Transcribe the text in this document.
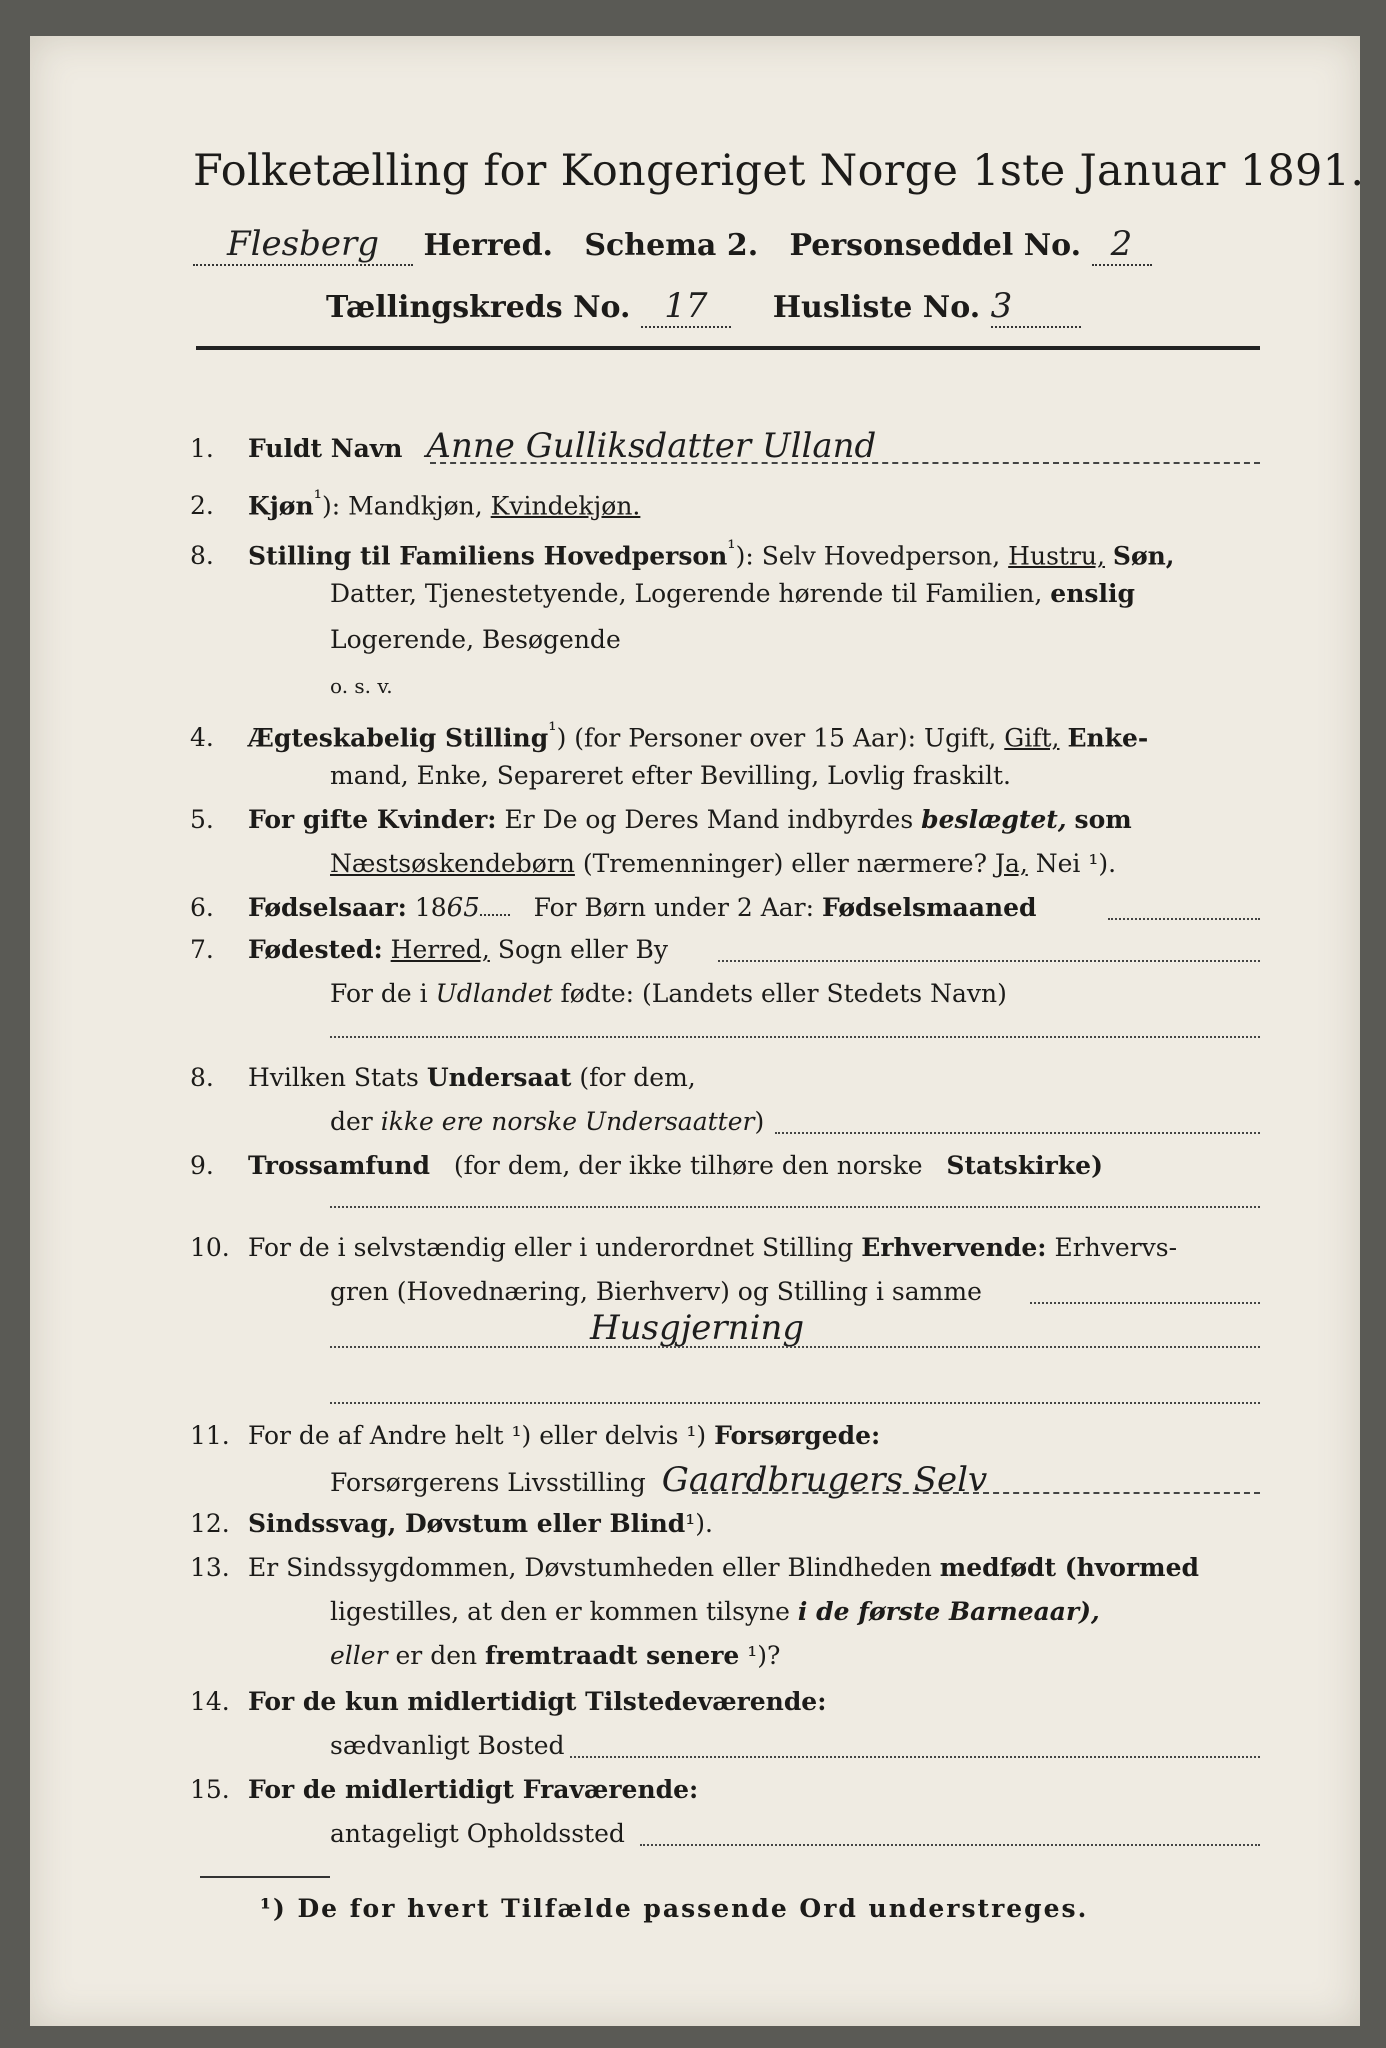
Folketælling for Kongeriget Norge 1ste Januar 1891.
Flesberg Herred. Schema 2. Personseddel No. 2
Tællingskreds No. 17 Husliste No. 3
1. Fuldt Navn Anne Gulliksdatter Ulland
2. Kjøn$^{^1}$): Mandkjøn, Kvindekjøn.
8. Stilling til Familiens Hovedperson$^{^1}$): Selv Hovedperson, Hustru, Søn,
Datter, Tjenestetyende, Logerende hørende til Familien, enslig
Logerende, Besøgende
o. s. v.
4. Ægteskabelig Stilling$^{^1}$) (for Personer over 15 Aar): Ugift, Gift, Enke-
mand, Enke, Separeret efter Bevilling, Lovlig fraskilt.
5. For gifte Kvinder: Er De og Deres Mand indbyrdes beslægtet, som
Næstsøskendebørn (Tremenninger) eller nærmere? Ja, Nei ¹).
6. Fødselsaar: 1865 For Børn under 2 Aar: Fødselsmaaned
7. Fødested: Herred, Sogn eller By
For de i Udlandet fødte: (Landets eller Stedets Navn)
8. Hvilken Stats Undersaat (for dem,
der ikke ere norske Undersaatter)
9. Trossamfund (for dem, der ikke tilhøre den norske Statskirke)
10. For de i selvstændig eller i underordnet Stilling Erhvervende: Erhvervs-
gren (Hovednæring, Bierhverv) og Stilling i samme
Husgjerning
11. For de af Andre helt ¹) eller delvis ¹) Forsørgede:
Forsørgerens Livsstilling Gaardbrugers Selv
12. Sindssvag, Døvstum eller Blind¹).
13. Er Sindssygdommen, Døvstumheden eller Blindheden medfødt (hvormed
ligestilles, at den er kommen tilsyne i de første Barneaar),
eller er den fremtraadt senere ¹)?
14. For de kun midlertidigt Tilstedeværende:
sædvanligt Bosted
15. For de midlertidigt Fraværende:
antageligt Opholdssted
¹) De for hvert Tilfælde passende Ord understreges.
